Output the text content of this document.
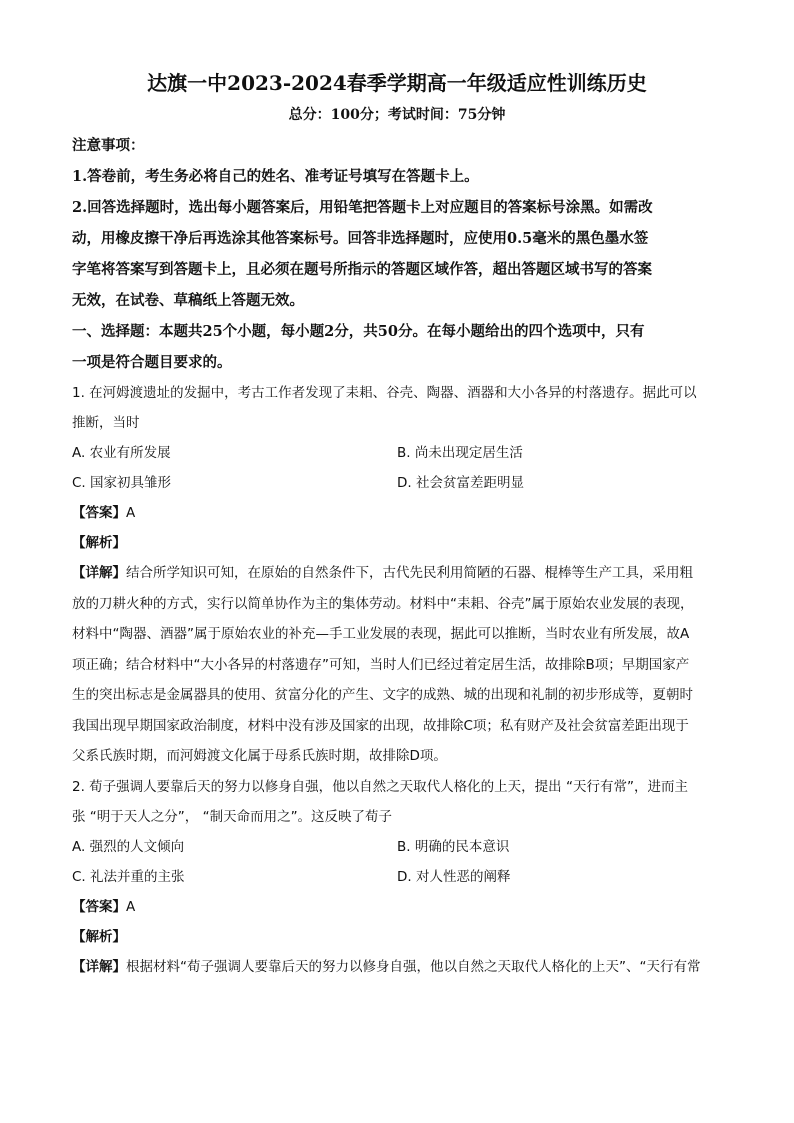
达旗一中2023-2024春季学期高一年级适应性训练历史
总分：100分；考试时间：75分钟
注意事项：
1.答卷前，考生务必将自己的姓名、准考证号填写在答题卡上。
2.回答选择题时，选出每小题答案后，用铅笔把答题卡上对应题目的答案标号涂黑。如需改
动，用橡皮擦干净后再选涂其他答案标号。回答非选择题时，应使用0.5毫米的黑色墨水签
字笔将答案写到答题卡上，且必须在题号所指示的答题区域作答，超出答题区域书写的答案
无效，在试卷、草稿纸上答题无效。
一、选择题：本题共25个小题，每小题2分，共50分。在每小题给出的四个选项中，只有
一项是符合题目要求的。
1. 在河姆渡遗址的发掘中，考古工作者发现了耒耜、谷壳、陶器、酒器和大小各异的村落遗存。据此可以
推断，当时
A. 农业有所发展	B. 尚未出现定居生活
C. 国家初具雏形	D. 社会贫富差距明显
【答案】A
【解析】
【详解】结合所学知识可知，在原始的自然条件下，古代先民利用简陋的石器、棍棒等生产工具，采用粗
放的刀耕火种的方式，实行以简单协作为主的集体劳动。材料中“耒耜、谷壳”属于原始农业发展的表现，
材料中“陶器、酒器”属于原始农业的补充—手工业发展的表现，据此可以推断，当时农业有所发展，故A
项正确；结合材料中“大小各异的村落遗存”可知，当时人们已经过着定居生活，故排除B项；早期国家产
生的突出标志是金属器具的使用、贫富分化的产生、文字的成熟、城的出现和礼制的初步形成等，夏朝时
我国出现早期国家政治制度，材料中没有涉及国家的出现，故排除C项；私有财产及社会贫富差距出现于
父系氏族时期，而河姆渡文化属于母系氏族时期，故排除D项。
2. 荀子强调人要靠后天的努力以修身自强，他以自然之天取代人格化的上天，提出 “天行有常”，进而主
张 “明于天人之分”， “制天命而用之”。这反映了荀子
A. 强烈的人文倾向	B. 明确的民本意识
C. 礼法并重的主张	D. 对人性恶的阐释
【答案】A
【解析】
【详解】根据材料“荀子强调人要靠后天的努力以修身自强，他以自然之天取代人格化的上天”、“天行有常
